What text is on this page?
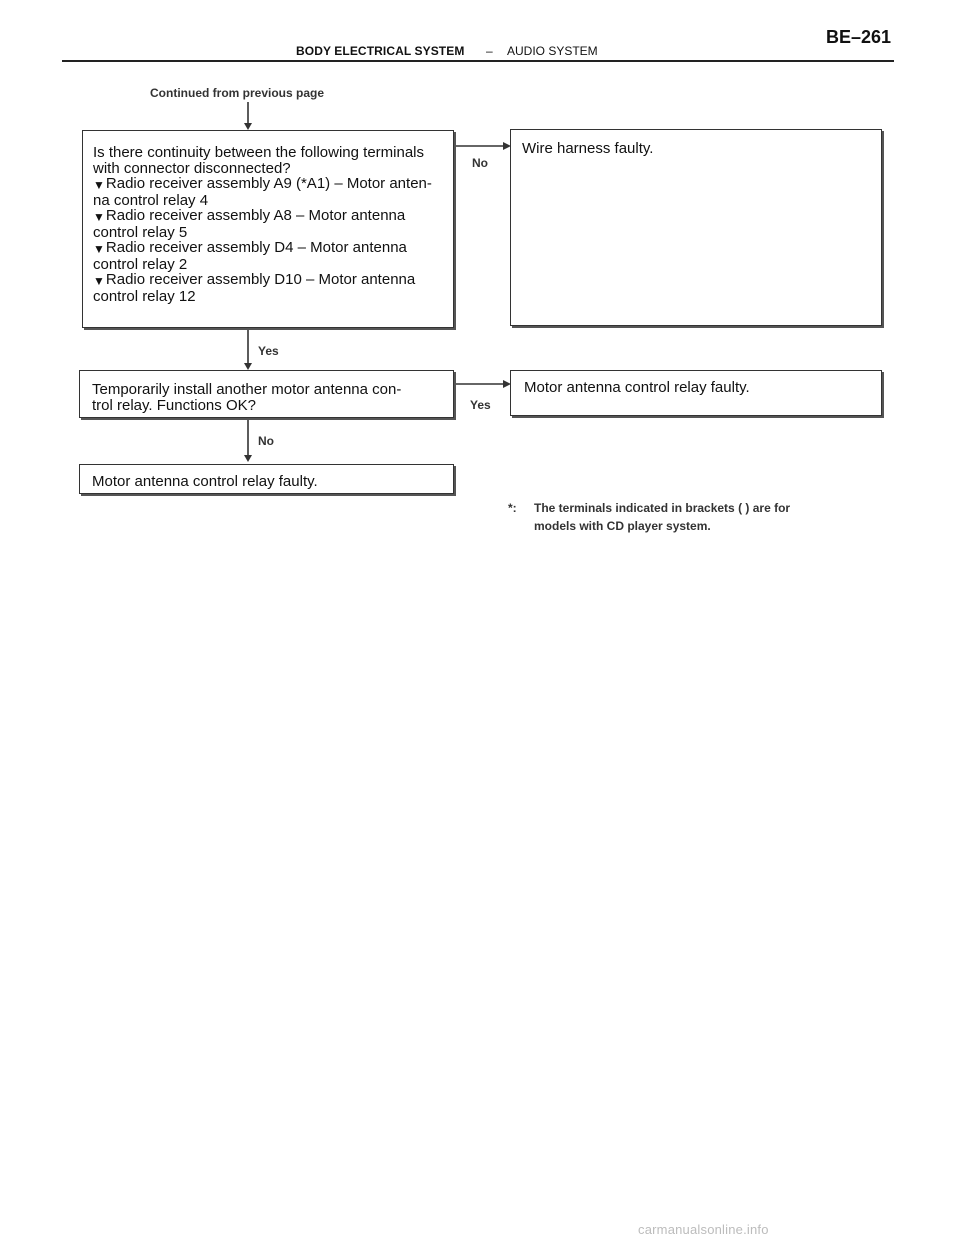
BODY ELECTRICAL SYSTEM – AUDIO SYSTEM
BE–261
Continued from previous page
Is there continuity between the following terminals
with connector disconnected?
▼Radio receiver assembly A9 (*A1) – Motor anten-
na control relay 4
▼Radio receiver assembly A8 – Motor antenna
control relay 5
▼Radio receiver assembly D4 – Motor antenna
control relay 2
▼Radio receiver assembly D10 – Motor antenna
control relay 12
No
Wire harness faulty.
Yes
Temporarily install another motor antenna con-
trol relay. Functions OK?	Yes
Motor antenna control relay faulty.
No
Motor antenna control relay faulty.
*: The terminals indicated in brackets ( ) are for
models with CD player system.
carmanualsonline.info
